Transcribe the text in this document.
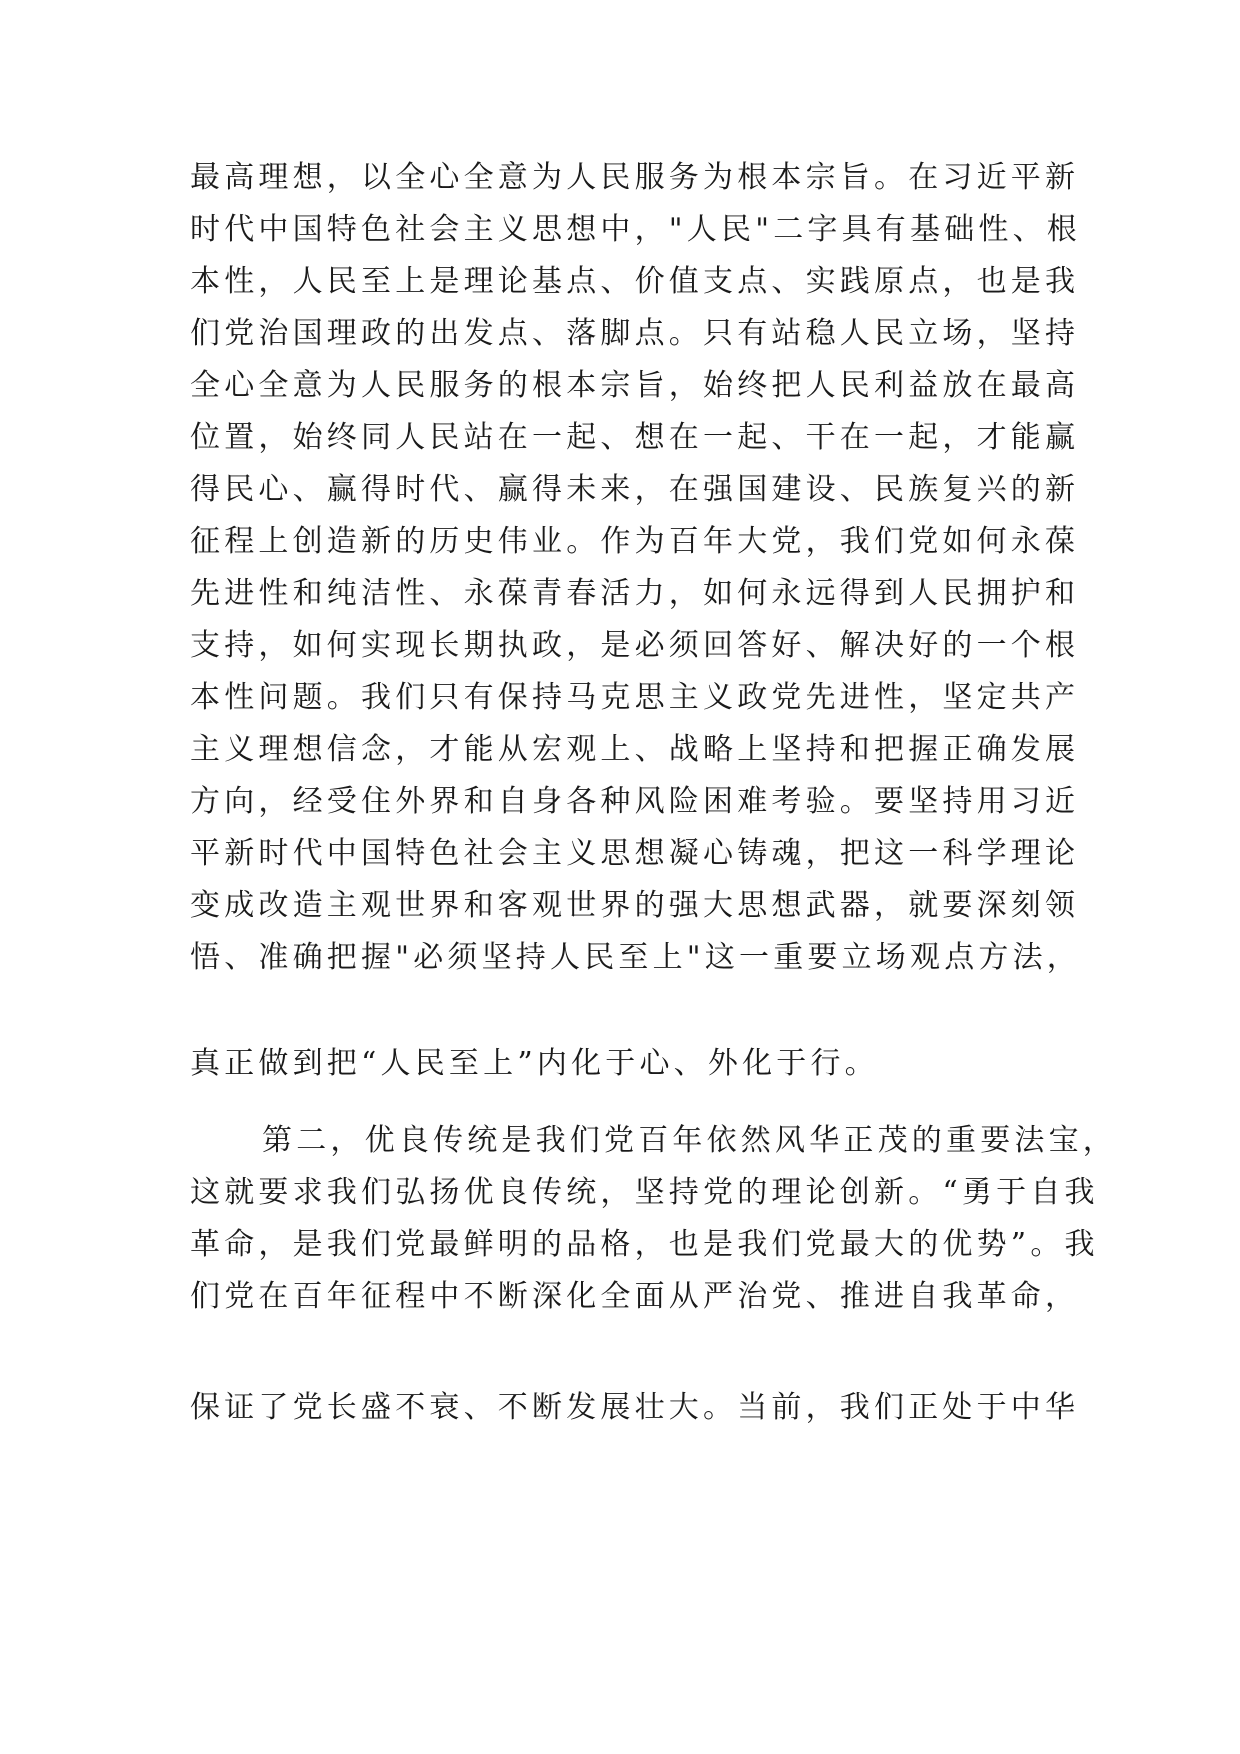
最高理想，以全心全意为人民服务为根本宗旨。在习近平新
时代中国特色社会主义思想中，"人民"二字具有基础性、根
本性，人民至上是理论基点、价值支点、实践原点，也是我
们党治国理政的出发点、落脚点。只有站稳人民立场，坚持
全心全意为人民服务的根本宗旨，始终把人民利益放在最高
位置，始终同人民站在一起、想在一起、干在一起，才能赢
得民心、赢得时代、赢得未来，在强国建设、民族复兴的新
征程上创造新的历史伟业。作为百年大党，我们党如何永葆
先进性和纯洁性、永葆青春活力，如何永远得到人民拥护和
支持，如何实现长期执政，是必须回答好、解决好的一个根
本性问题。我们只有保持马克思主义政党先进性，坚定共产
主义理想信念，才能从宏观上、战略上坚持和把握正确发展
方向，经受住外界和自身各种风险困难考验。要坚持用习近
平新时代中国特色社会主义思想凝心铸魂，把这一科学理论
变成改造主观世界和客观世界的强大思想武器，就要深刻领
悟、准确把握"必须坚持人民至上"这一重要立场观点方法，
真正做到把“人民至上”内化于心、外化于行。
第二，优良传统是我们党百年依然风华正茂的重要法宝，
这就要求我们弘扬优良传统，坚持党的理论创新。“勇于自我
革命，是我们党最鲜明的品格，也是我们党最大的优势”。我
们党在百年征程中不断深化全面从严治党、推进自我革命，
保证了党长盛不衰、不断发展壮大。当前，我们正处于中华
